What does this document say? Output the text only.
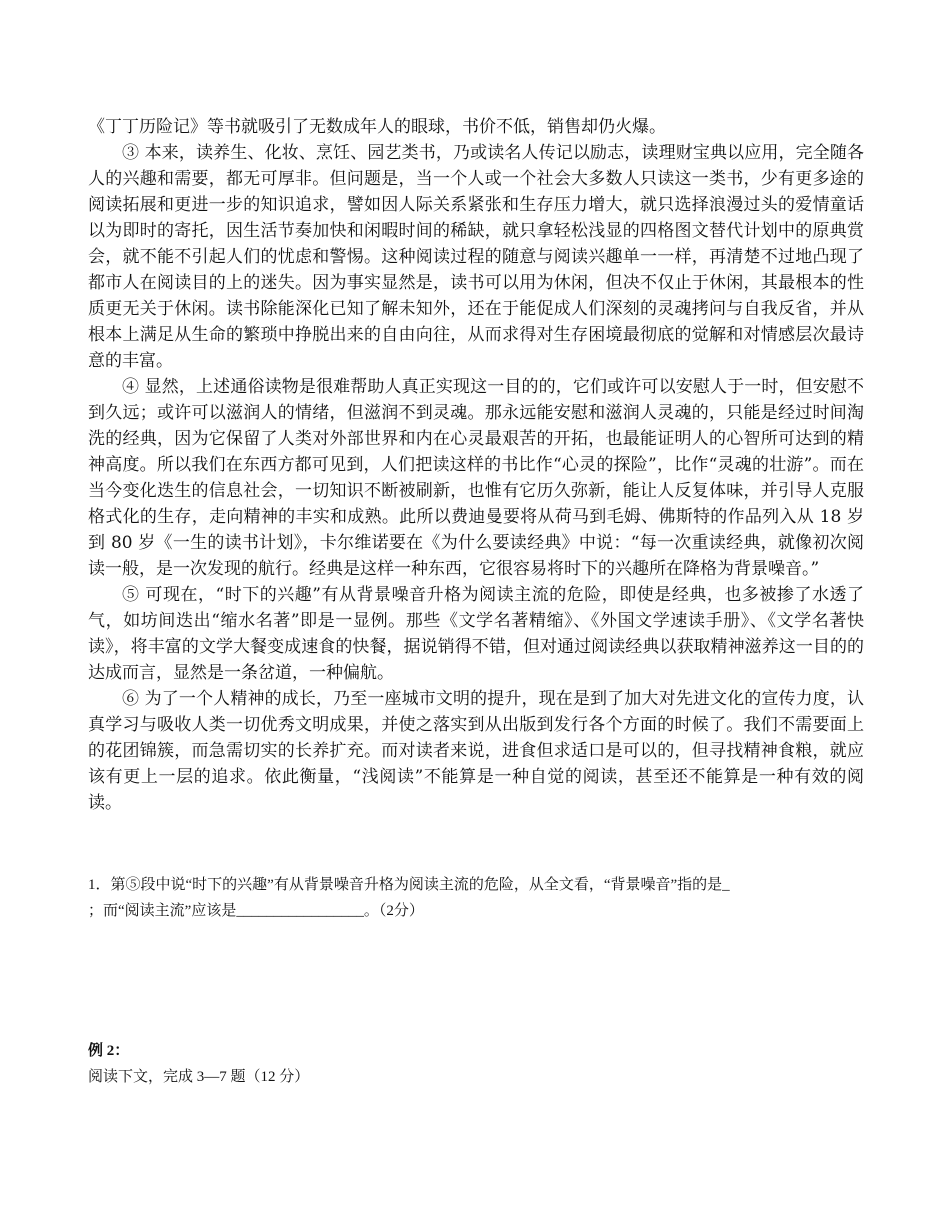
《丁丁历险记》等书就吸引了无数成年人的眼球，书价不低，销售却仍火爆。

③ 本来，读养生、化妆、烹饪、园艺类书，乃或读名人传记以励志，读理财宝典以应用，完全随各人的兴趣和需要，都无可厚非。但问题是，当一个人或一个社会大多数人只读这一类书，少有更多途的阅读拓展和更进一步的知识追求，譬如因人际关系紧张和生存压力增大，就只选择浪漫过头的爱情童话以为即时的寄托，因生活节奏加快和闲暇时间的稀缺，就只拿轻松浅显的四格图文替代计划中的原典赏会，就不能不引起人们的忧虑和警惕。这种阅读过程的随意与阅读兴趣单一一样，再清楚不过地凸现了都市人在阅读目的上的迷失。因为事实显然是，读书可以用为休闲，但决不仅止于休闲，其最根本的性质更无关于休闲。读书除能深化已知了解未知外，还在于能促成人们深刻的灵魂拷问与自我反省，并从根本上满足从生命的繁琐中挣脱出来的自由向往，从而求得对生存困境最彻底的觉解和对情感层次最诗意的丰富。

④ 显然，上述通俗读物是很难帮助人真正实现这一目的的，它们或许可以安慰人于一时，但安慰不到久远；或许可以滋润人的情绪，但滋润不到灵魂。那永远能安慰和滋润人灵魂的，只能是经过时间淘洗的经典，因为它保留了人类对外部世界和内在心灵最艰苦的开拓，也最能证明人的心智所可达到的精神高度。所以我们在东西方都可见到，人们把读这样的书比作“心灵的探险”，比作“灵魂的壮游”。而在当今变化迭生的信息社会，一切知识不断被刷新，也惟有它历久弥新，能让人反复体味，并引导人克服格式化的生存，走向精神的丰实和成熟。此所以费迪曼要将从荷马到毛姆、佛斯特的作品列入从 18 岁到 80 岁《一生的读书计划》，卡尔维诺要在《为什么要读经典》中说：“每一次重读经典，就像初次阅读一般，是一次发现的航行。经典是这样一种东西，它很容易将时下的兴趣所在降格为背景噪音。”

⑤ 可现在，“时下的兴趣”有从背景噪音升格为阅读主流的危险，即使是经典，也多被掺了水透了气，如坊间迭出“缩水名著”即是一显例。那些《文学名著精缩》、《外国文学速读手册》、《文学名著快读》，将丰富的文学大餐变成速食的快餐，据说销得不错，但对通过阅读经典以获取精神滋养这一目的的达成而言，显然是一条岔道，一种偏航。

⑥ 为了一个人精神的成长，乃至一座城市文明的提升，现在是到了加大对先进文化的宣传力度，认真学习与吸收人类一切优秀文明成果，并使之落实到从出版到发行各个方面的时候了。我们不需要面上的花团锦簇，而急需切实的长养扩充。而对读者来说，进食但求适口是可以的，但寻找精神食粮，就应该有更上一层的追求。依此衡量，“浅阅读”不能算是一种自觉的阅读，甚至还不能算是一种有效的阅读。

1．第⑤段中说“时下的兴趣”有从背景噪音升格为阅读主流的危险，从全文看，“背景噪音”指的是_
；而“阅读主流”应该是_________________。（2分）
例 2：
阅读下文，完成 3—7 题（12 分）
